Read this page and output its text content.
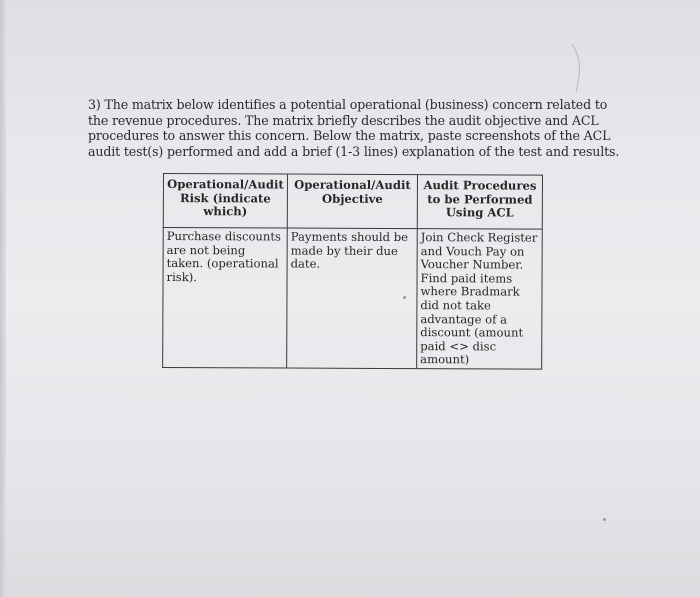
3) The matrix below identifies a potential operational (business) concern related to the revenue procedures. The matrix briefly describes the audit objective and ACL procedures to answer this concern. Below the matrix, paste screenshots of the ACL audit test(s) performed and add a brief (1-3 lines) explanation of the test and results.

Operational/Audit Risk (indicate which)	Operational/Audit Objective	Audit Procedures to be Performed Using ACL
Purchase discounts are not being taken. (operational risk).	Payments should be made by their due date.	Join Check Register and Vouch Pay on Voucher Number. Find paid items where Bradmark did not take advantage of a discount (amount paid <> disc amount)
